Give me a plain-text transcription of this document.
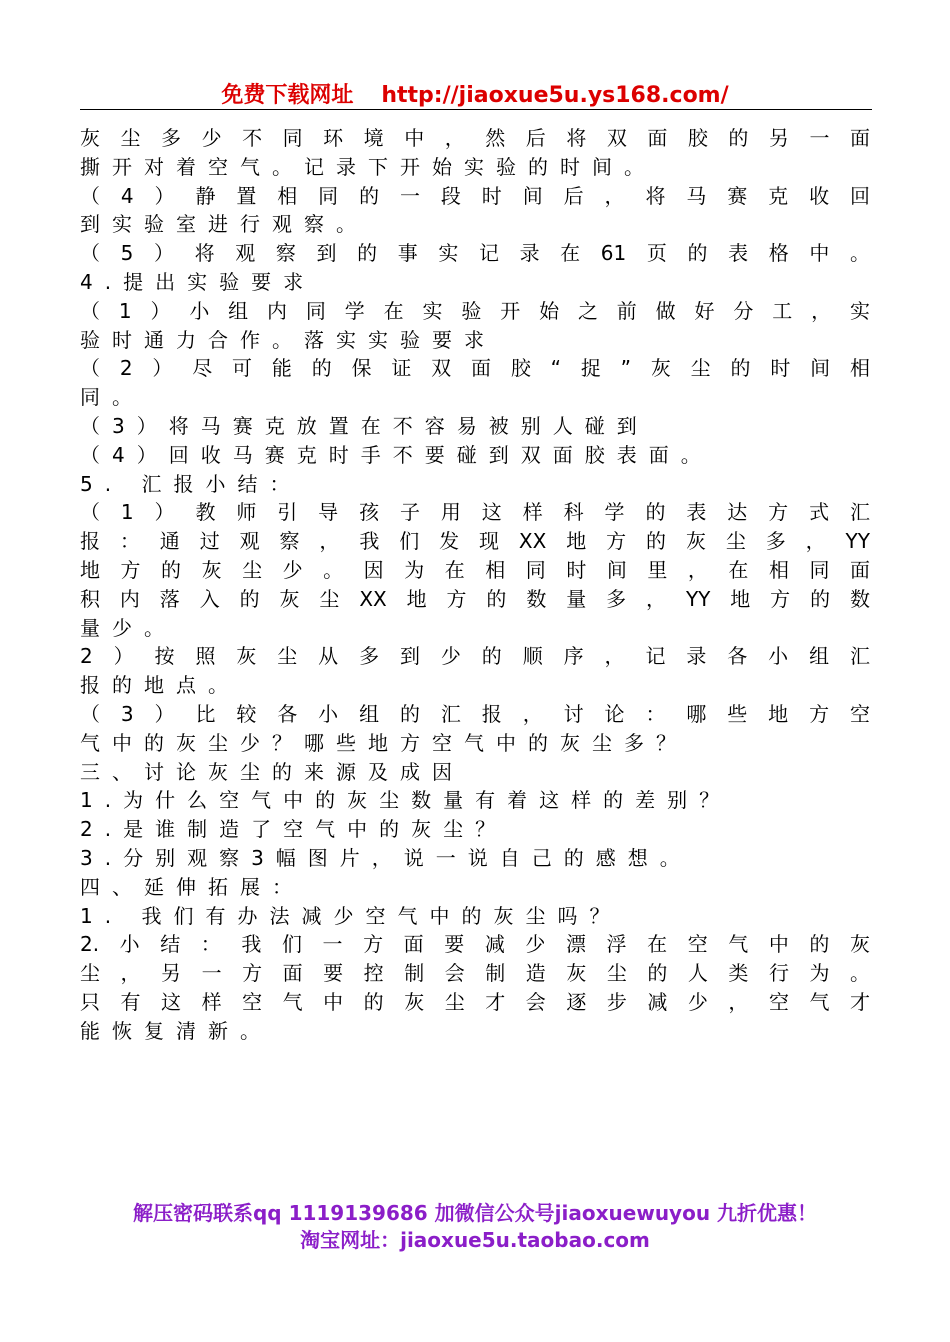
免费下载网址 http://jiaoxue5u.ys168.com/
灰尘多少不同环境中，然后将双面胶的另一面
撕开对着空气。记录下开始实验的时间。
（4）静置相同的一段时间后，将马赛克收回
到实验室进行观察。
（5）将观察到的事实记录在61页的表格中。
4.提出实验要求
（1）小组内同学在实验开始之前做好分工，实
验时通力合作。落实实验要求
（2）尽可能的保证双面胶“捉”灰尘的时间相
同。
（3）将马赛克放置在不容易被别人碰到
（4）回收马赛克时手不要碰到双面胶表面。
5. 汇报小结：
（1）教师引导孩子用这样科学的表达方式汇
报：通过观察，我们发现XX地方的灰尘多，YY
地方的灰尘少。因为在相同时间里，在相同面
积内落入的灰尘XX地方的数量多，YY地方的数
量少。
2）按照灰尘从多到少的顺序，记录各小组汇
报的地点。
（3）比较各小组的汇报，讨论：哪些地方空
气中的灰尘少？哪些地方空气中的灰尘多？
三、讨论灰尘的来源及成因
1.为什么空气中的灰尘数量有着这样的差别？
2.是谁制造了空气中的灰尘？
3.分别观察3幅图片，说一说自己的感想。
四、延伸拓展：
1. 我们有办法减少空气中的灰尘吗？
2.小结：我们一方面要减少漂浮在空气中的灰
尘，另一方面要控制会制造灰尘的人类行为。
只有这样空气中的灰尘才会逐步减少，空气才
能恢复清新。
解压密码联系qq 1119139686 加微信公众号jiaoxuewuyou 九折优惠！
淘宝网址：jiaoxue5u.taobao.com
